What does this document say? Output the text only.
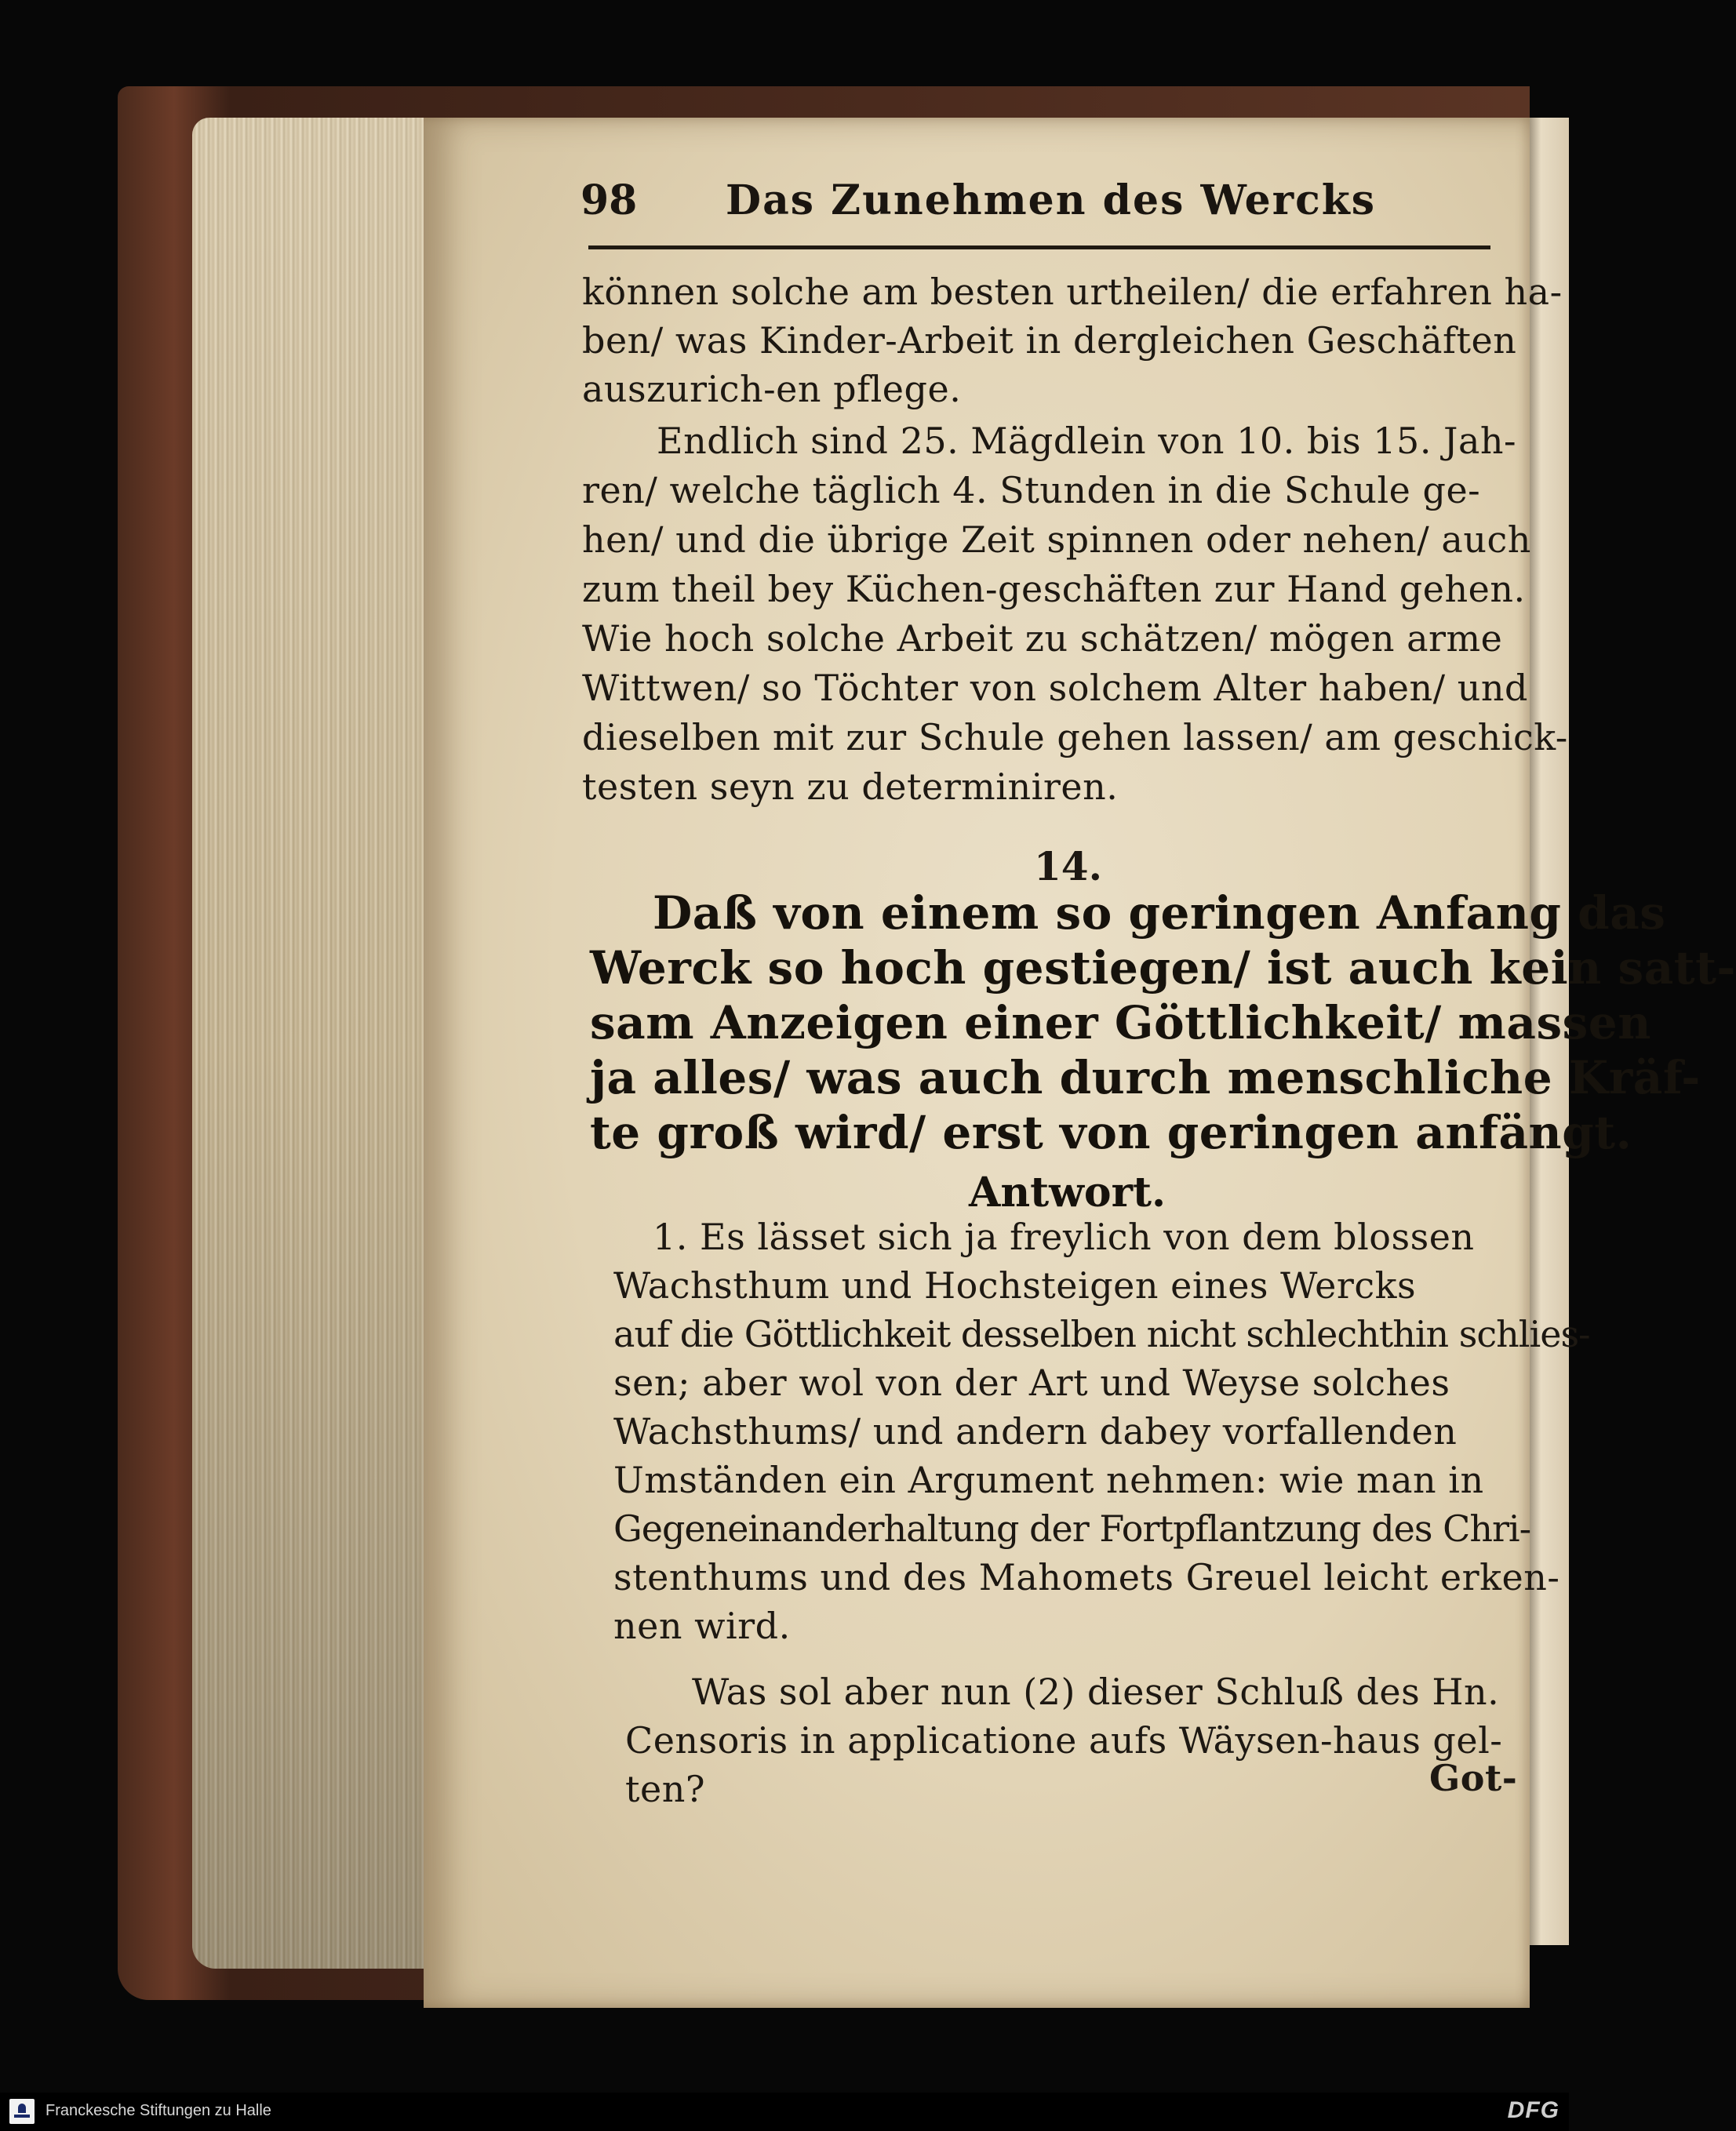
98 Das Zunehmen des Wercks
können solche am besten urtheilen/ die erfahren ha-
ben/ was Kinder-Arbeit in dergleichen Geschäften
auszurich-en pflege.
Endlich sind 25. Mägdlein von 10. bis 15. Jah-
ren/ welche täglich 4. Stunden in die Schule ge-
hen/ und die übrige Zeit spinnen oder nehen/ auch
zum theil bey Küchen-geschäften zur Hand gehen.
Wie hoch solche Arbeit zu schätzen/ mögen arme
Wittwen/ so Töchter von solchem Alter haben/ und
dieselben mit zur Schule gehen lassen/ am geschick-
testen seyn zu determiniren.
14.
Daß von einem so geringen Anfang das
Werck so hoch gestiegen/ ist auch kein satt-
sam Anzeigen einer Göttlichkeit/ massen
ja alles/ was auch durch menschliche Kräf-
te groß wird/ erst von geringen anfängt.
Antwort.
1. Es lässet sich ja freylich von dem blossen
Wachsthum und Hochsteigen eines Wercks
auf die Göttlichkeit desselben nicht schlechthin schlies-
sen; aber wol von der Art und Weyse solches
Wachsthums/ und andern dabey vorfallenden
Umständen ein Argument nehmen: wie man in
Gegeneinanderhaltung der Fortpflantzung des Chri-
stenthums und des Mahomets Greuel leicht erken-
nen wird.
Was sol aber nun (2) dieser Schluß des Hn.
Censoris in applicatione aufs Wäysen-haus gel-
ten?	Got-
Franckesche Stiftungen zu Halle	DFG
